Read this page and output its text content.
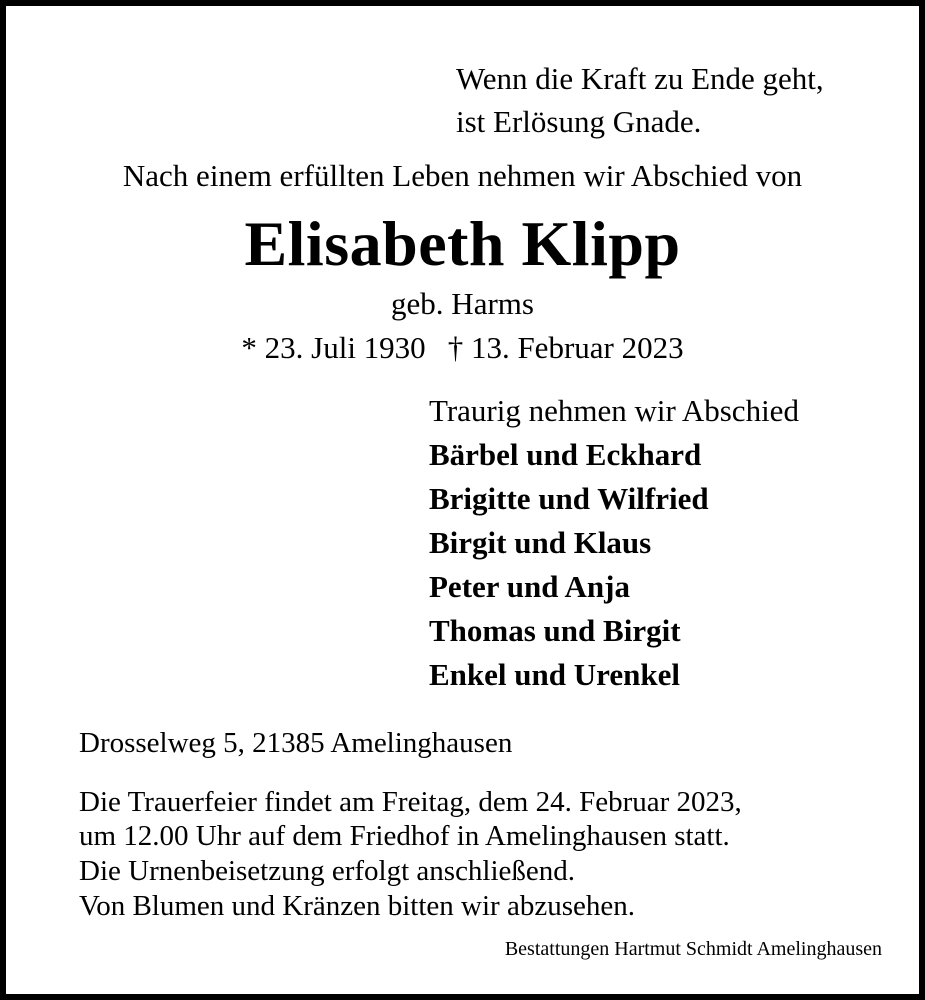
Wenn die Kraft zu Ende geht,
ist Erlösung Gnade.
Nach einem erfüllten Leben nehmen wir Abschied von
Elisabeth Klipp
geb. Harms
* 23. Juli 1930 † 13. Februar 2023
Traurig nehmen wir Abschied
Bärbel und Eckhard
Brigitte und Wilfried
Birgit und Klaus
Peter und Anja
Thomas und Birgit
Enkel und Urenkel
Drosselweg 5, 21385 Amelinghausen
Die Trauerfeier findet am Freitag, dem 24. Februar 2023,
um 12.00 Uhr auf dem Friedhof in Amelinghausen statt.
Die Urnenbeisetzung erfolgt anschließend.
Von Blumen und Kränzen bitten wir abzusehen.
Bestattungen Hartmut Schmidt Amelinghausen
